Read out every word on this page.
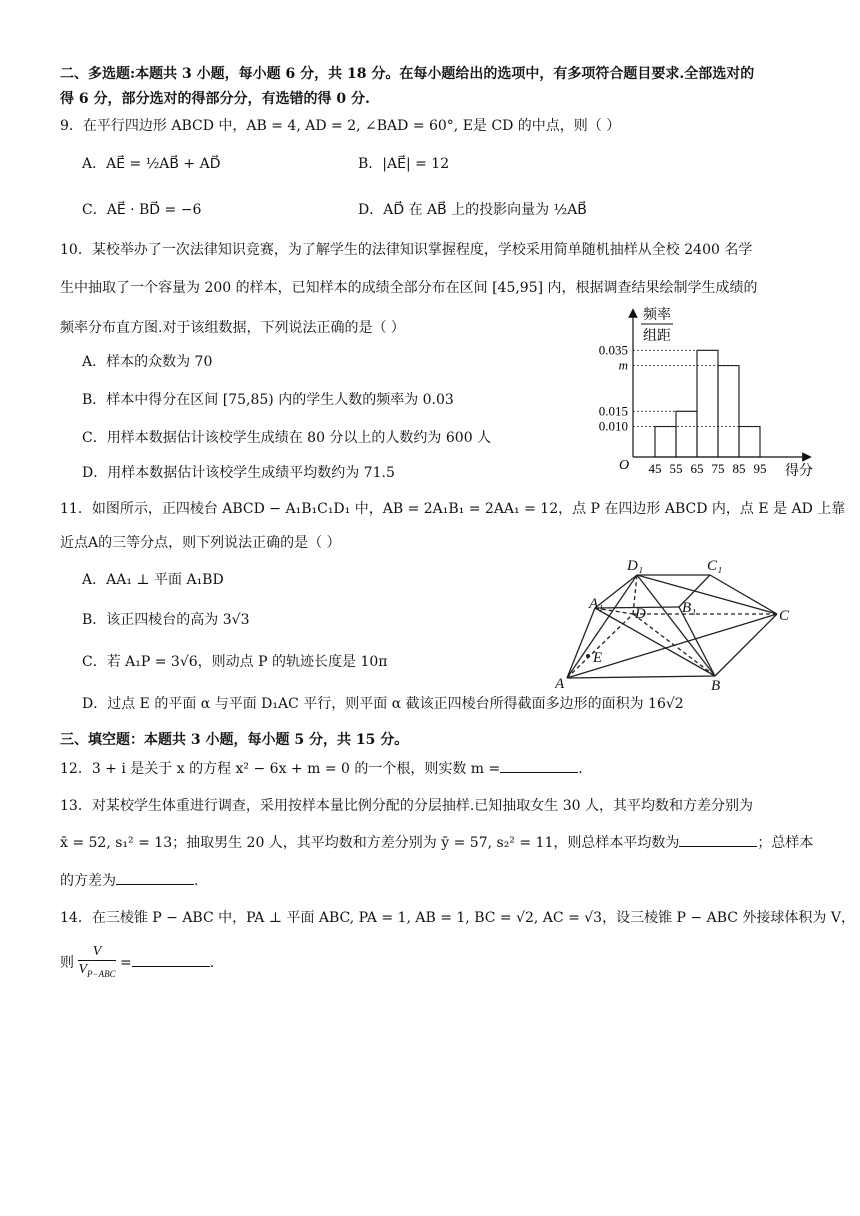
二、多选题:本题共 3 小题，每小题 6 分，共 18 分。在每小题给出的选项中，有多项符合题目要求.全部选对的
得 6 分，部分选对的得部分分，有选错的得 0 分.
9．在平行四边形 ABCD 中，AB = 4, AD = 2, ∠BAD = 60°, E是 CD 的中点，则（ ）
A．AE⃗ = ½AB⃗ + AD⃗	B．|AE⃗| = 12
C．AE⃗ · BD⃗ = −6	D．AD⃗ 在 AB⃗ 上的投影向量为 ½AB⃗
10．某校举办了一次法律知识竞赛，为了解学生的法律知识掌握程度，学校采用简单随机抽样从全校 2400 名学
生中抽取了一个容量为 200 的样本，已知样本的成绩全部分布在区间 [45,95] 内，根据调查结果绘制学生成绩的
频率分布直方图.对于该组数据，下列说法正确的是（ ）
A．样本的众数为 70
B．样本中得分在区间 [75,85) 内的学生人数的频率为 0.03
C．用样本数据估计该校学生成绩在 80 分以上的人数约为 600 人
D．用样本数据估计该校学生成绩平均数约为 71.5
0.010
0.015
m
0.035
45 55 65 75 85 95
O	得分
频率
组距
11．如图所示，正四棱台 ABCD − A₁B₁C₁D₁ 中，AB = 2A₁B₁ = 2AA₁ = 12，点 P 在四边形 ABCD 内，点 E 是 AD 上靠
近点A的三等分点，则下列说法正确的是（ ）
A．AA₁ ⊥ 平面 A₁BD
B．该正四棱台的高为 3√3
C．若 A₁P = 3√6，则动点 P 的轨迹长度是 10π
D．过点 E 的平面 α 与平面 D₁AC 平行，则平面 α 截该正四棱台所得截面多边形的面积为 16√2
A	B
C
D
A₁	B₁
C₁
D₁
E
三、填空题：本题共 3 小题，每小题 5 分，共 15 分。
12．3 + i 是关于 x 的方程 x² − 6x + m = 0 的一个根，则实数 m =	.
13．对某校学生体重进行调查，采用按样本量比例分配的分层抽样.已知抽取女生 30 人，其平均数和方差分别为
x̄ = 52, s₁² = 13；抽取男生 20 人，其平均数和方差分别为 ȳ = 57, s₂² = 11，则总样本平均数为	；总样本
的方差为	.
14．在三棱锥 P − ABC 中，PA ⊥ 平面 ABC, PA = 1, AB = 1, BC = √2, AC = √3，设三棱锥 P − ABC 外接球体积为 V，
则
V
$V_{P-ABC}$
=	.
